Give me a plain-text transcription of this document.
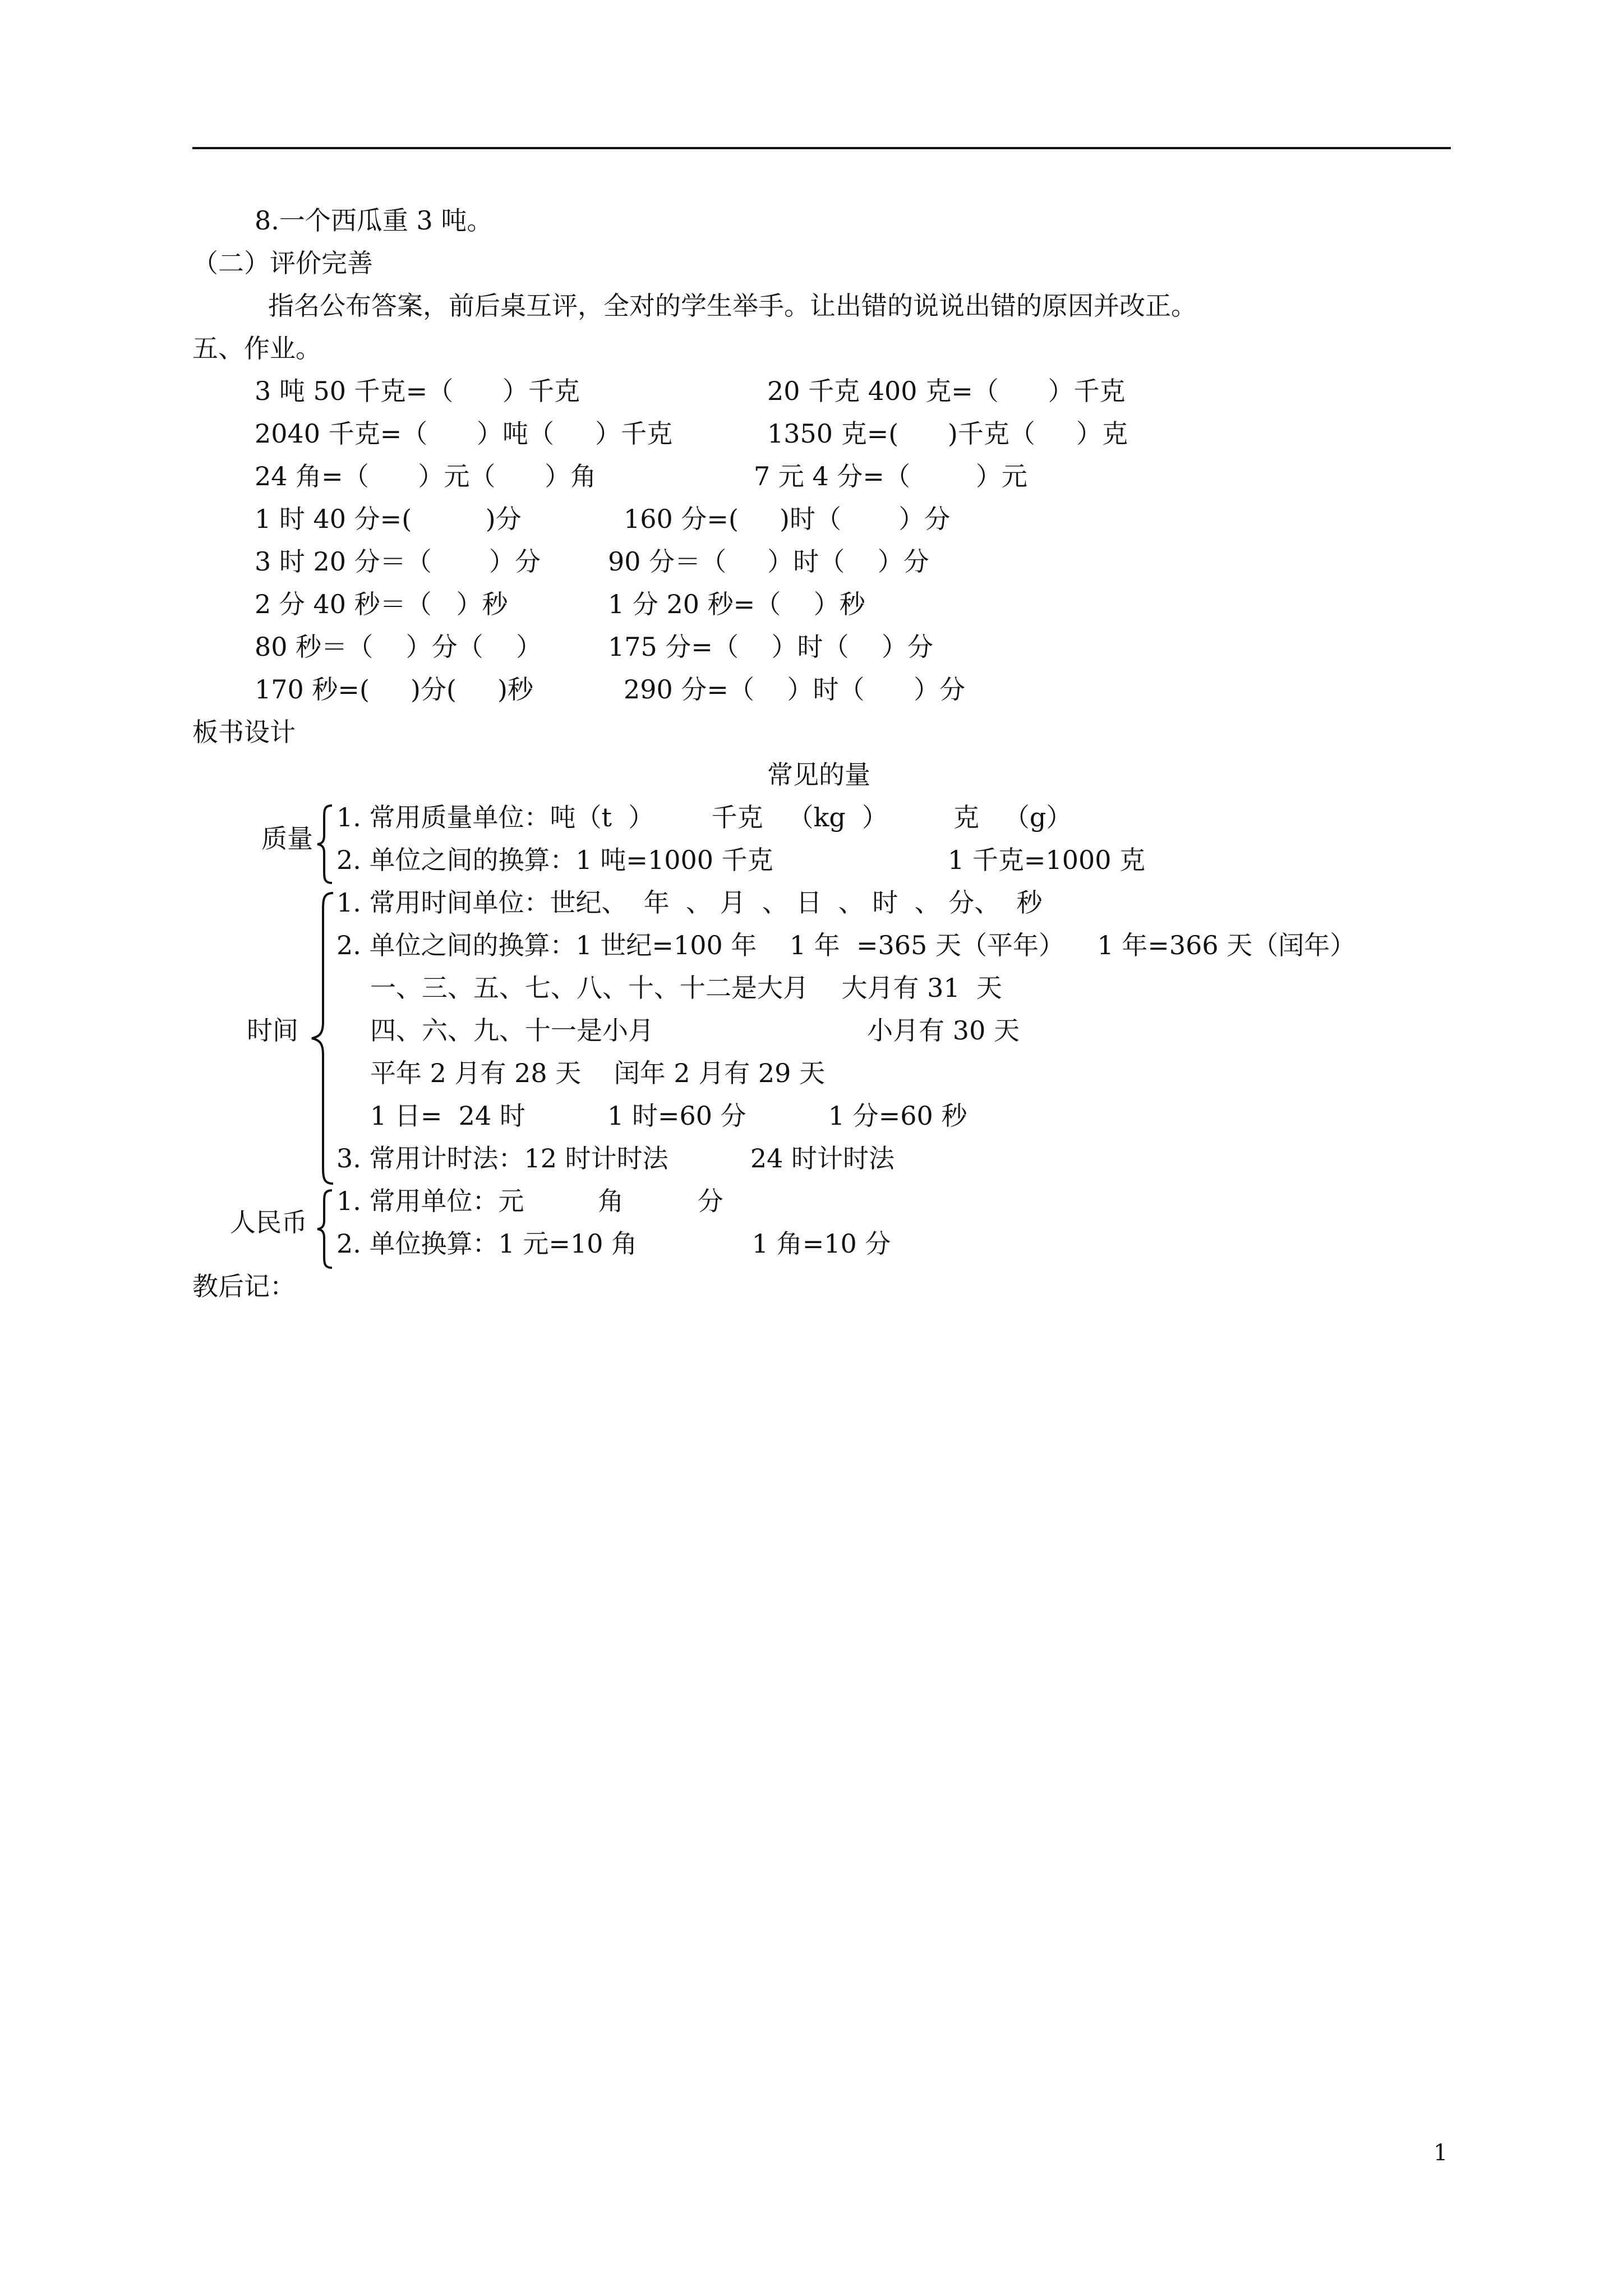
8.一个西瓜重 3 吨。
（二）评价完善
指名公布答案，前后桌互评，全对的学生举手。让出错的说说出错的原因并改正。
五、作业。
3 吨 50 千克=（      ）千克	20 千克 400 克=（      ）千克
2040 千克=（      ）吨（     ）千克	1350 克=(      )千克（     ）克
24 角=（      ）元（      ）角	7 元 4 分=（        ）元
1 时 40 分=(         )分	160 分=(     )时（       ）分
3 时 20 分＝（       ）分	90 分＝（     ）时（    ）分
2 分 40 秒＝（   ）秒	1 分 20 秒=（    ）秒
80 秒＝（    ）分（    ）	175 分=（    ）时（    ）分
170 秒=(     )分(     )秒	290 分=（    ）时（      ）分
板书设计
常见的量
质量
1. 常用质量单位：吨（t  ）       千克   （kg  ）        克   （g）
2. 单位之间的换算：1 吨=1000 千克	1 千克=1000 克
时间
1. 常用时间单位：世纪、  年  、 月  、 日  、 时  、 分、  秒
2. 单位之间的换算：1 世纪=100 年    1 年  =365 天（平年）    1 年=366 天（闰年）
一、三、五、七、八、十、十二是大月    大月有 31  天
四、六、九、十一是小月                          小月有 30 天
平年 2 月有 28 天    闰年 2 月有 29 天
1 日=  24 时          1 时=60 分          1 分=60 秒
3. 常用计时法：12 时计时法          24 时计时法
人民币
1. 常用单位：元         角         分
2. 单位换算：1 元=10 角              1 角=10 分
教后记：
1
